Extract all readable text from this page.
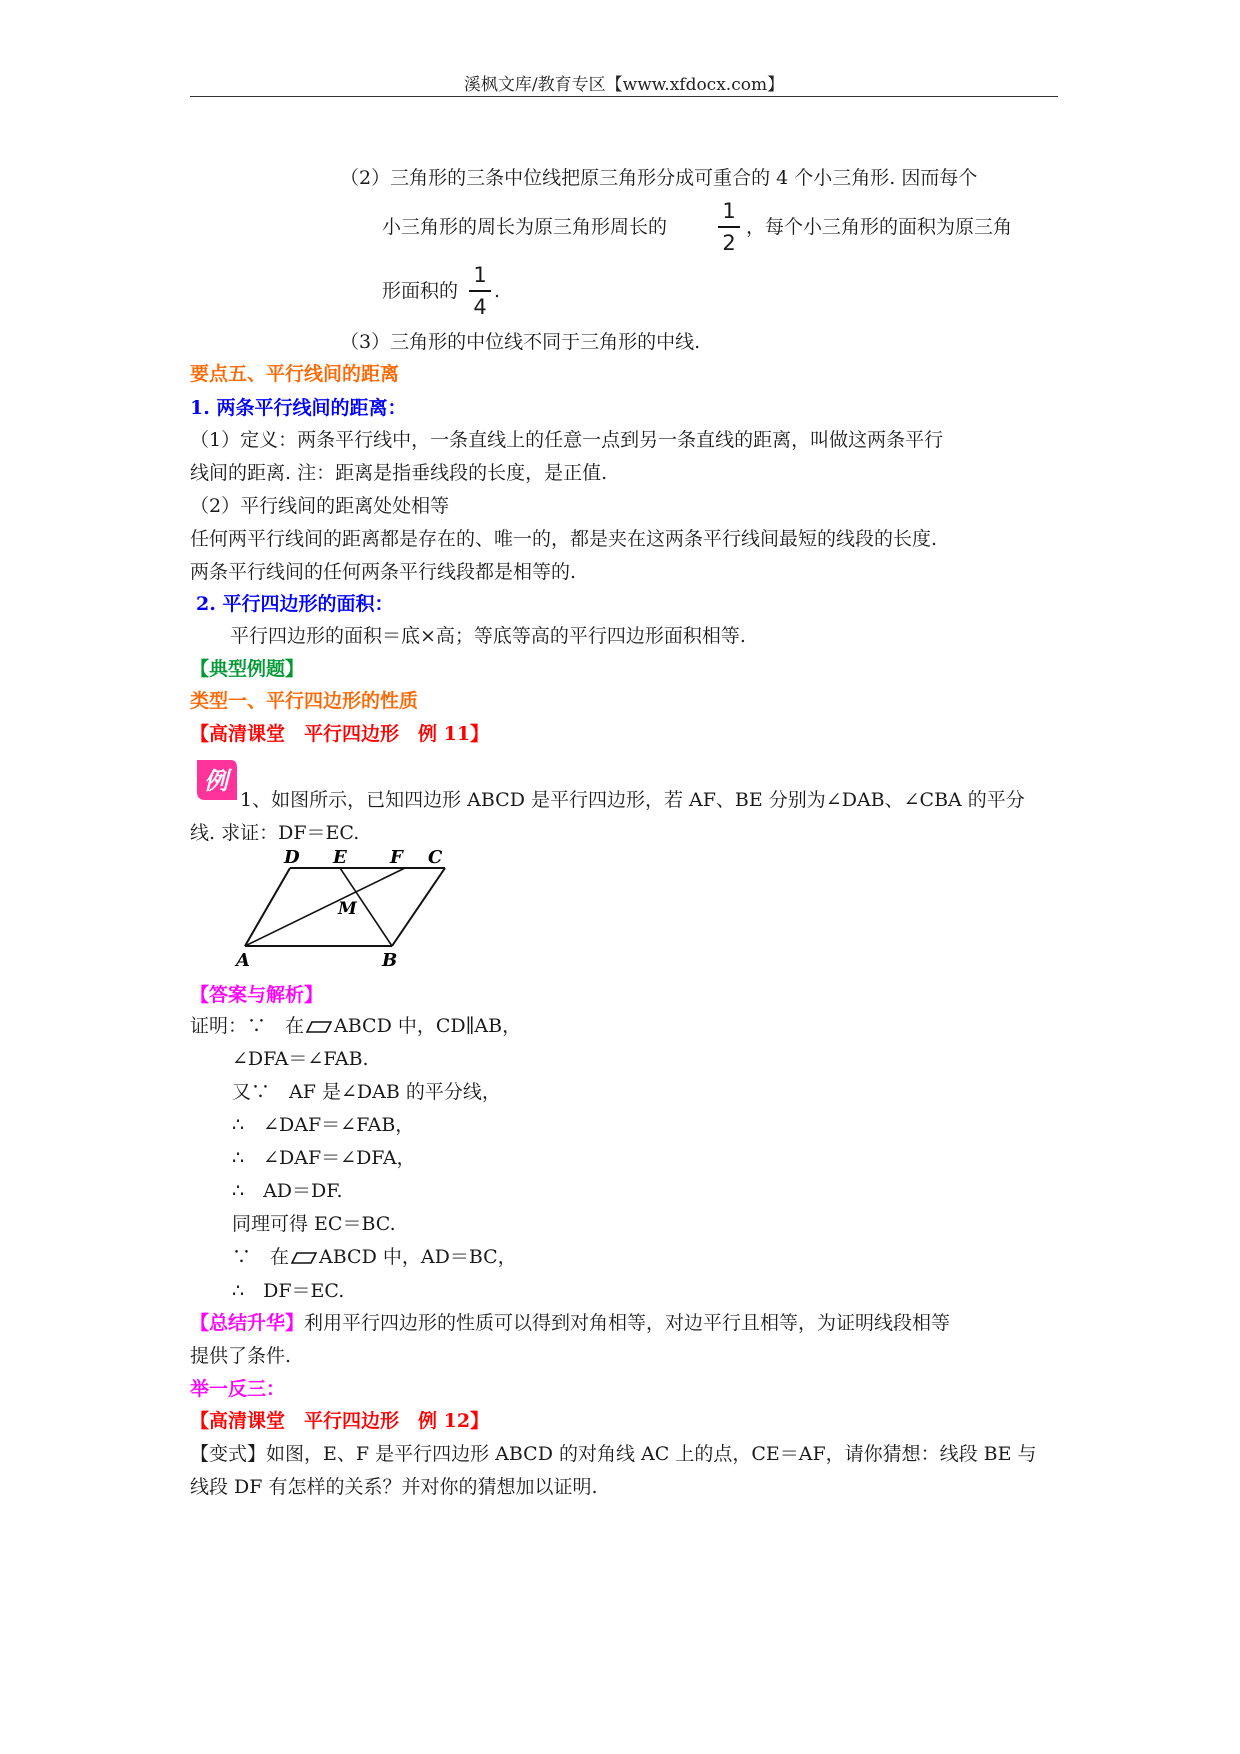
溪枫文库/教育专区【www.xfdocx.com】
（2）三角形的三条中位线把原三角形分成可重合的 4 个小三角形. 因而每个
小三角形的周长为原三角形周长的
1
2
，每个小三角形的面积为原三角
形面积的
1
4
.
（3）三角形的中位线不同于三角形的中线.
要点五、平行线间的距离
1. 两条平行线间的距离：
（1）定义：两条平行线中，一条直线上的任意一点到另一条直线的距离，叫做这两条平行
线间的距离. 注：距离是指垂线段的长度，是正值.
（2）平行线间的距离处处相等
任何两平行线间的距离都是存在的、唯一的，都是夹在这两条平行线间最短的线段的长度.
两条平行线间的任何两条平行线段都是相等的.
2. 平行四边形的面积：
平行四边形的面积＝底×高；等底等高的平行四边形面积相等.
【典型例题】
类型一、平行四边形的性质
【高清课堂　平行四边形　例 11】
例
1、如图所示，已知四边形 ABCD 是平行四边形，若 AF、BE 分别为∠DAB、∠CBA 的平分
线. 求证：DF＝EC.
D E F C
M
A	B
【答案与解析】
证明：∵　在 ABCD 中，CD∥AB，
∠DFA＝∠FAB.
又∵　AF 是∠DAB 的平分线，
∴　∠DAF＝∠FAB，
∴　∠DAF＝∠DFA，
∴　AD＝DF.
同理可得 EC＝BC.
∵　在 ABCD 中，AD＝BC，
∴　DF＝EC.
【总结升华】利用平行四边形的性质可以得到对角相等，对边平行且相等，为证明线段相等
提供了条件.
举一反三：
【高清课堂　平行四边形　例 12】
【变式】如图，E、F 是平行四边形 ABCD 的对角线 AC 上的点，CE＝AF，请你猜想：线段 BE 与
线段 DF 有怎样的关系？并对你的猜想加以证明.
